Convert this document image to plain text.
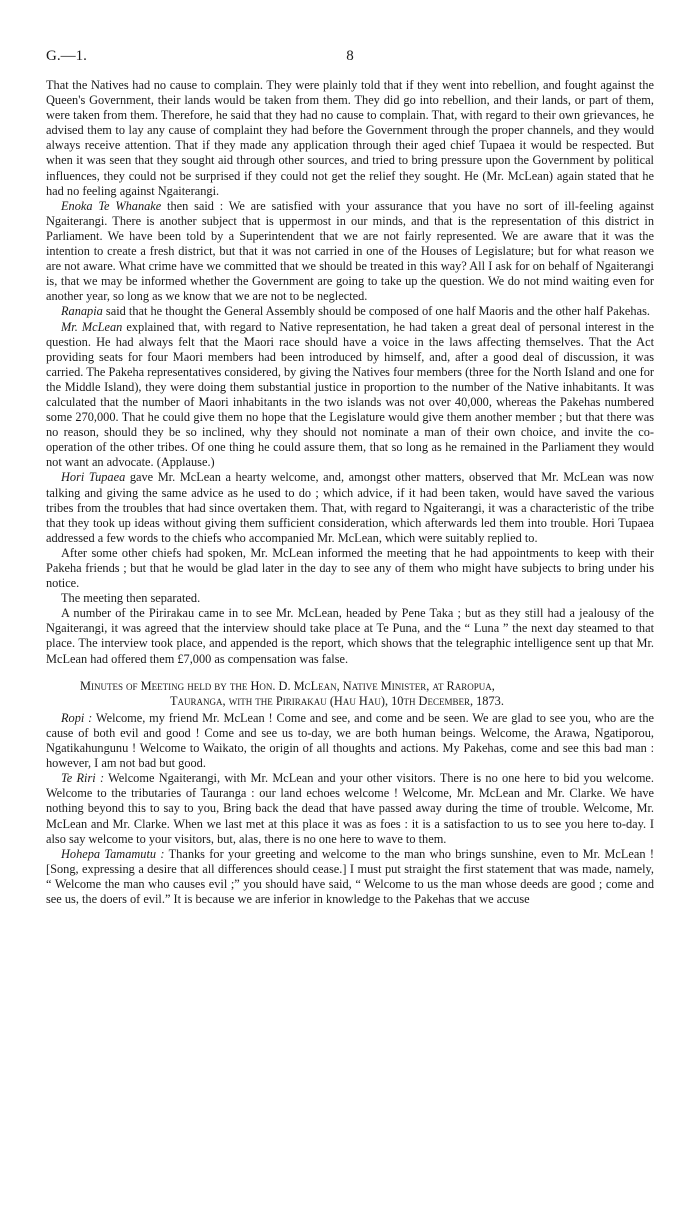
G.—1.	8

That the Natives had no cause to complain. They were plainly told that if they went into rebellion, and fought against the Queen's Government, their lands would be taken from them. They did go into rebellion, and their lands, or part of them, were taken from them. Therefore, he said that they had no cause to complain. That, with regard to their own grievances, he advised them to lay any cause of complaint they had before the Government through the proper channels, and they would always receive attention. That if they made any application through their aged chief Tupaea it would be respected. But when it was seen that they sought aid through other sources, and tried to bring pressure upon the Government by political influences, they could not be surprised if they could not get the relief they sought. He (Mr. McLean) again stated that he had no feeling against Ngaiterangi.

Enoka Te Whanake then said : We are satisfied with your assurance that you have no sort of ill-feeling against Ngaiterangi. There is another subject that is uppermost in our minds, and that is the representation of this district in Parliament. We have been told by a Superintendent that we are not fairly represented. We are aware that it was the intention to create a fresh district, but that it was not carried in one of the Houses of Legislature; but for what reason we are not aware. What crime have we committed that we should be treated in this way? All I ask for on behalf of Ngaiterangi is, that we may be informed whether the Government are going to take up the question. We do not mind waiting even for another year, so long as we know that we are not to be neglected.

Ranapia said that he thought the General Assembly should be composed of one half Maoris and the other half Pakehas.

Mr. McLean explained that, with regard to Native representation, he had taken a great deal of personal interest in the question. He had always felt that the Maori race should have a voice in the laws affecting themselves. That the Act providing seats for four Maori members had been introduced by himself, and, after a good deal of discussion, it was carried. The Pakeha representatives considered, by giving the Natives four members (three for the North Island and one for the Middle Island), they were doing them substantial justice in proportion to the number of the Native inhabitants. It was calculated that the number of Maori inhabitants in the two islands was not over 40,000, whereas the Pakehas numbered some 270,000. That he could give them no hope that the Legislature would give them another member ; but that there was no reason, should they be so inclined, why they should not nominate a man of their own choice, and invite the co-operation of the other tribes. Of one thing he could assure them, that so long as he remained in the Parliament they would not want an advocate. (Applause.)

Hori Tupaea gave Mr. McLean a hearty welcome, and, amongst other matters, observed that Mr. McLean was now talking and giving the same advice as he used to do ; which advice, if it had been taken, would have saved the various tribes from the troubles that had since overtaken them. That, with regard to Ngaiterangi, it was a characteristic of the tribe that they took up ideas without giving them sufficient consideration, which afterwards led them into trouble. Hori Tupaea addressed a few words to the chiefs who accompanied Mr. McLean, which were suitably replied to.

After some other chiefs had spoken, Mr. McLean informed the meeting that he had appointments to keep with their Pakeha friends ; but that he would be glad later in the day to see any of them who might have subjects to bring under his notice.

The meeting then separated.

A number of the Pirirakau came in to see Mr. McLean, headed by Pene Taka ; but as they still had a jealousy of the Ngaiterangi, it was agreed that the interview should take place at Te Puna, and the “ Luna ” the next day steamed to that place. The interview took place, and appended is the report, which shows that the telegraphic intelligence sent up that Mr. McLean had offered them £7,000 as compensation was false.

Minutes of Meeting held by the Hon. D. McLean, Native Minister, at Raropua,
Tauranga, with the Pirirakau (Hau Hau), 10th December, 1873.

Ropi : Welcome, my friend Mr. McLean ! Come and see, and come and be seen. We are glad to see you, who are the cause of both evil and good ! Come and see us to-day, we are both human beings. Welcome, the Arawa, Ngatiporou, Ngatikahungunu ! Welcome to Waikato, the origin of all thoughts and actions. My Pakehas, come and see this bad man : however, I am not bad but good.

Te Riri : Welcome Ngaiterangi, with Mr. McLean and your other visitors. There is no one here to bid you welcome. Welcome to the tributaries of Tauranga : our land echoes welcome ! Welcome, Mr. McLean and Mr. Clarke. We have nothing beyond this to say to you, Bring back the dead that have passed away during the time of trouble. Welcome, Mr. McLean and Mr. Clarke. When we last met at this place it was as foes : it is a satisfaction to us to see you here to-day. I also say welcome to your visitors, but, alas, there is no one here to wave to them.

Hohepa Tamamutu : Thanks for your greeting and welcome to the man who brings sunshine, even to Mr. McLean ! [Song, expressing a desire that all differences should cease.] I must put straight the first statement that was made, namely, “ Welcome the man who causes evil ;” you should have said, “ Welcome to us the man whose deeds are good ; come and see us, the doers of evil.” It is because we are inferior in knowledge to the Pakehas that we accuse
